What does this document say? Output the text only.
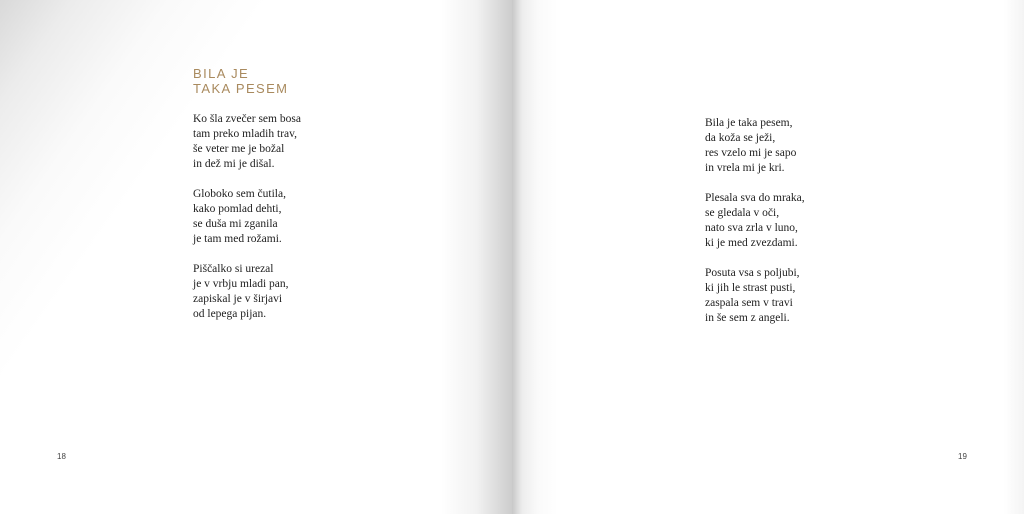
BILA JE
TAKA PESEM
Ko šla zvečer sem bosa
tam preko mladih trav,
še veter me je božal
in dež mi je dišal.
Globoko sem čutila,
kako pomlad dehti,
se duša mi zganila
je tam med rožami.
Piščalko si urezal
je v vrbju mladi pan,
zapiskal je v širjavi
od lepega pijan.
18
Bila je taka pesem,
da koža se ježi,
res vzelo mi je sapo
in vrela mi je kri.
Plesala sva do mraka,
se gledala v oči,
nato sva zrla v luno,
ki je med zvezdami.
Posuta vsa s poljubi,
ki jih le strast pusti,
zaspala sem v travi
in še sem z angeli.
19
